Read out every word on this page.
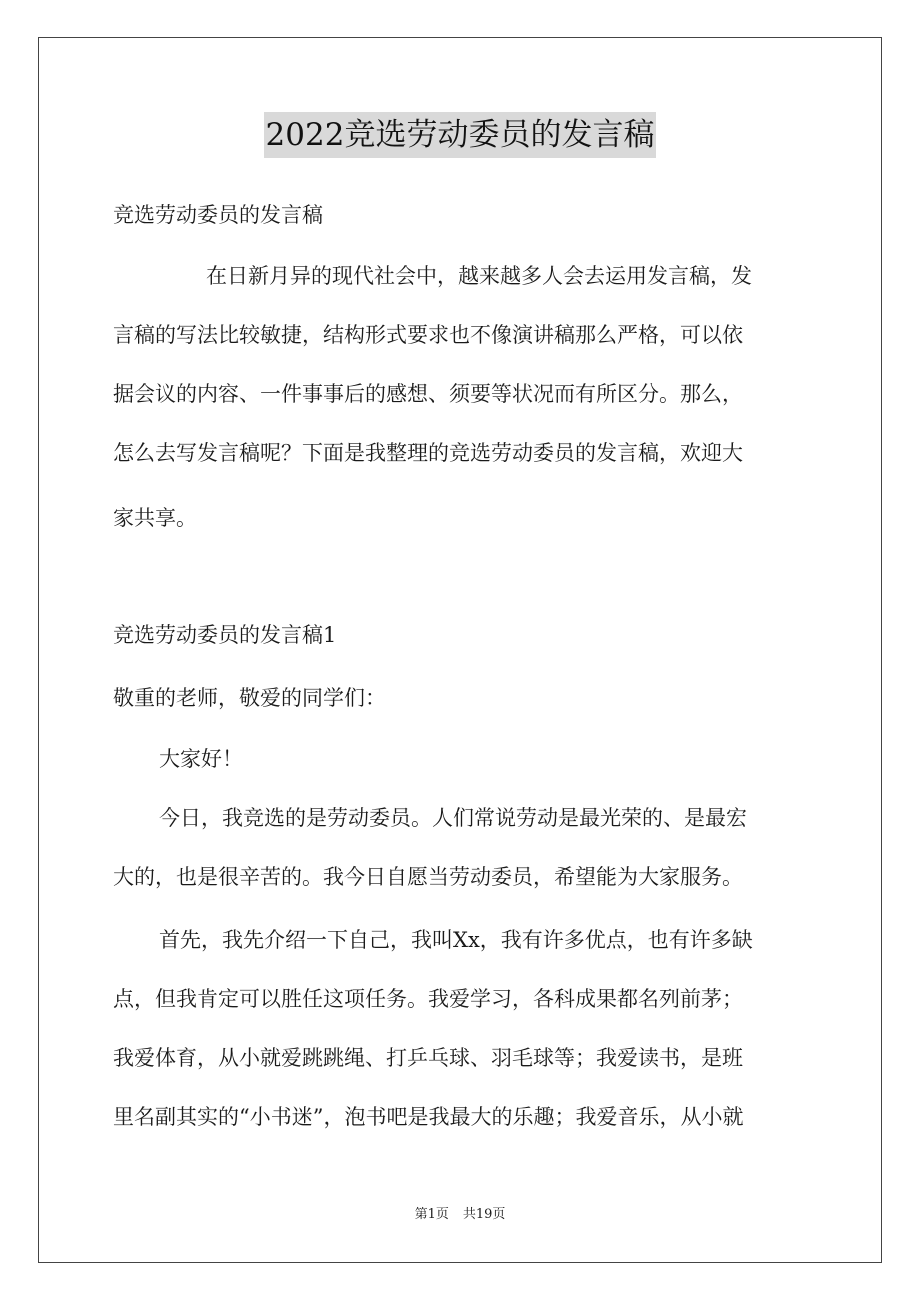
2022竞选劳动委员的发言稿
竞选劳动委员的发言稿
在日新月异的现代社会中，越来越多人会去运用发言稿，发
言稿的写法比较敏捷，结构形式要求也不像演讲稿那么严格，可以依
据会议的内容、一件事事后的感想、须要等状况而有所区分。那么，
怎么去写发言稿呢？下面是我整理的竞选劳动委员的发言稿，欢迎大
家共享。
竞选劳动委员的发言稿1
敬重的老师，敬爱的同学们：
大家好！
今日，我竞选的是劳动委员。人们常说劳动是最光荣的、是最宏
大的，也是很辛苦的。我今日自愿当劳动委员，希望能为大家服务。
首先，我先介绍一下自己，我叫Xx，我有许多优点，也有许多缺
点，但我肯定可以胜任这项任务。我爱学习，各科成果都名列前茅；
我爱体育，从小就爱跳跳绳、打乒乓球、羽毛球等；我爱读书，是班
里名副其实的“小书迷”，泡书吧是我最大的乐趣；我爱音乐，从小就
第1页 共19页
